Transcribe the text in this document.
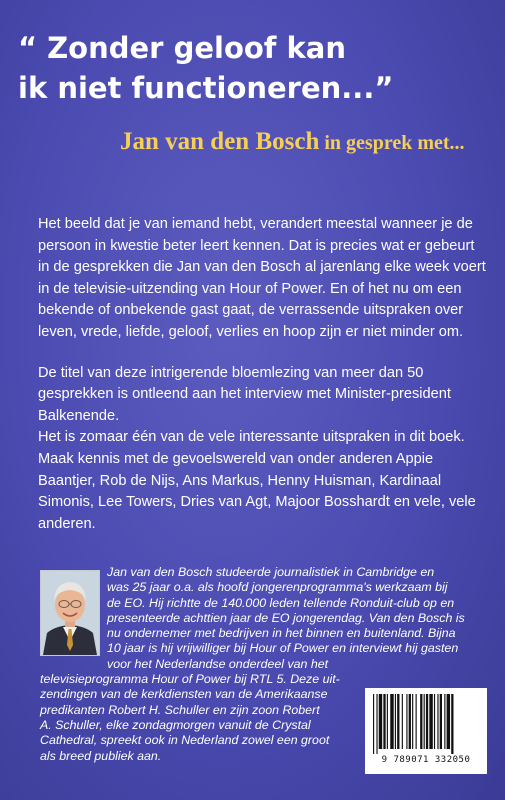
“ Zonder geloof kan
ik niet functioneren...”
Jan van den Bosch in gesprek met...

Het beeld dat je van iemand hebt, verandert meestal wanneer je de persoon in kwestie beter leert kennen. Dat is precies wat er gebeurt in de gesprekken die Jan van den Bosch al jarenlang elke week voert in de televisie-uitzending van Hour of Power. En of het nu om een bekende of onbekende gast gaat, de verrassende uitspraken over leven, vrede, liefde, geloof, verlies en hoop zijn er niet minder om.

De titel van deze intrigerende bloemlezing van meer dan 50 gesprekken is ontleend aan het interview met Minister-president Balkenende.

Het is zomaar één van de vele interessante uitspraken in dit boek. Maak kennis met de gevoelswereld van onder anderen Appie Baantjer, Rob de Nijs, Ans Markus, Henny Huisman, Kardinaal Simonis, Lee Towers, Dries van Agt, Majoor Bosshardt en vele, vele anderen.

Jan van den Bosch studeerde journalistiek in Cambridge en
was 25 jaar o.a. als hoofd jongerenprogramma's werkzaam bij
de EO. Hij richtte de 140.000 leden tellende Ronduit-club op en
presenteerde achttien jaar de EO jongerendag. Van den Bosch is
nu ondernemer met bedrijven in het binnen en buitenland. Bijna
10 jaar is hij vrijwilliger bij Hour of Power en interviewt hij gasten
voor het Nederlandse onderdeel van het
televisieprogramma Hour of Power bij RTL 5. Deze uit-
zendingen van de kerkdiensten van de Amerikaanse
predikanten Robert H. Schuller en zijn zoon Robert
A. Schuller, elke zondagmorgen vanuit de Crystal
Cathedral, spreekt ook in Nederland zowel een groot
als breed publiek aan.	9 789071 332050
